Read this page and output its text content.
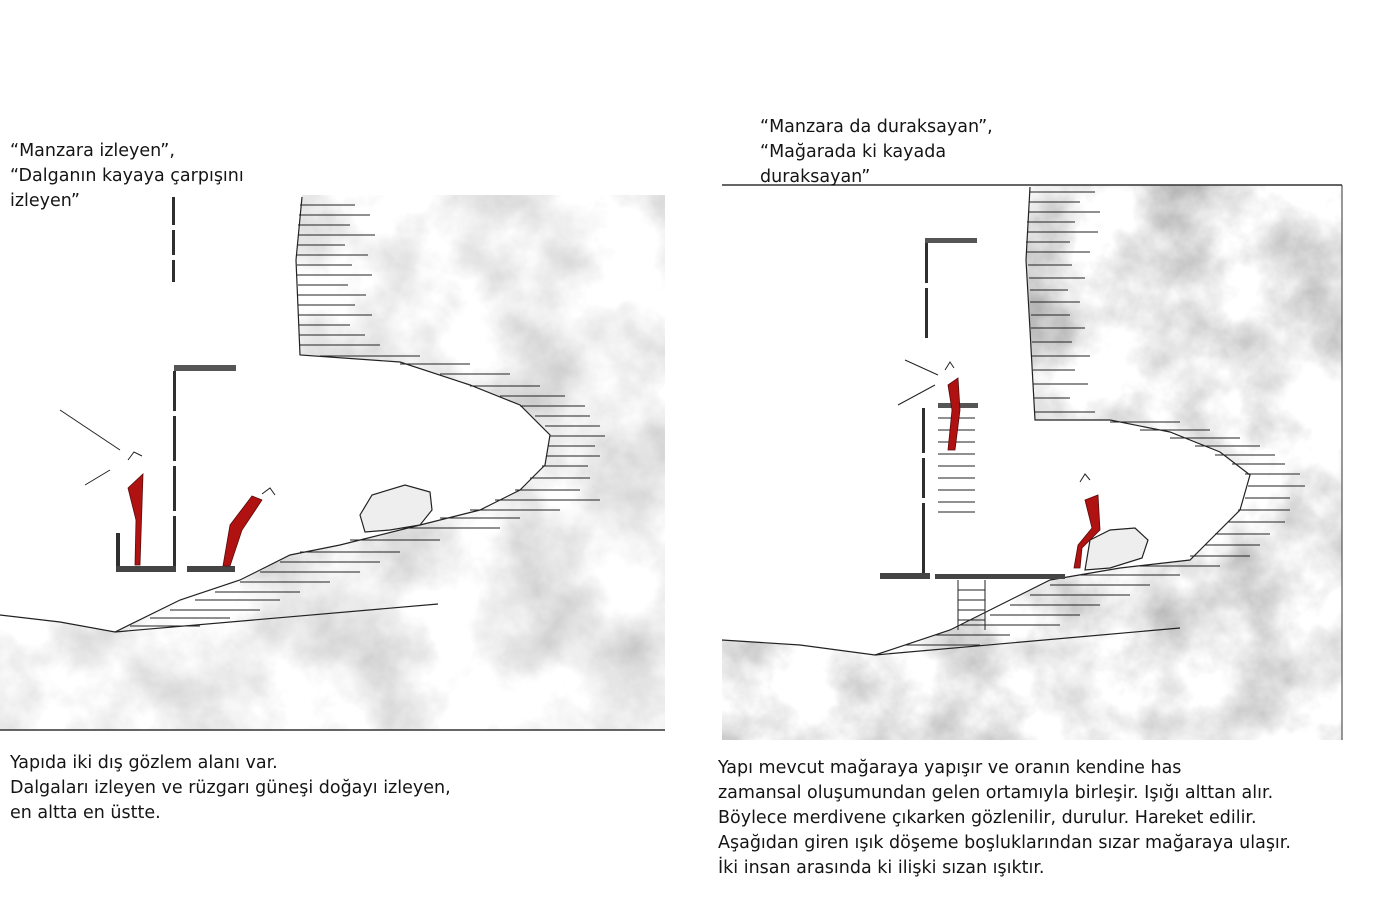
“Manzara izleyen”,
“Dalganın kayaya çarpışını
izleyen”
Yapıda iki dış gözlem alanı var.
Dalgaları izleyen ve rüzgarı güneşi doğayı izleyen,
en altta en üstte.
“Manzara da duraksayan”,
“Mağarada ki kayada
duraksayan”
Yapı mevcut mağaraya yapışır ve oranın kendine has
zamansal oluşumundan gelen ortamıyla birleşir. Işığı alttan alır.
Böylece merdivene çıkarken gözlenilir, durulur. Hareket edilir.
Aşağıdan giren ışık döşeme boşluklarından sızar mağaraya ulaşır.
İki insan arasında ki ilişki sızan ışıktır.
